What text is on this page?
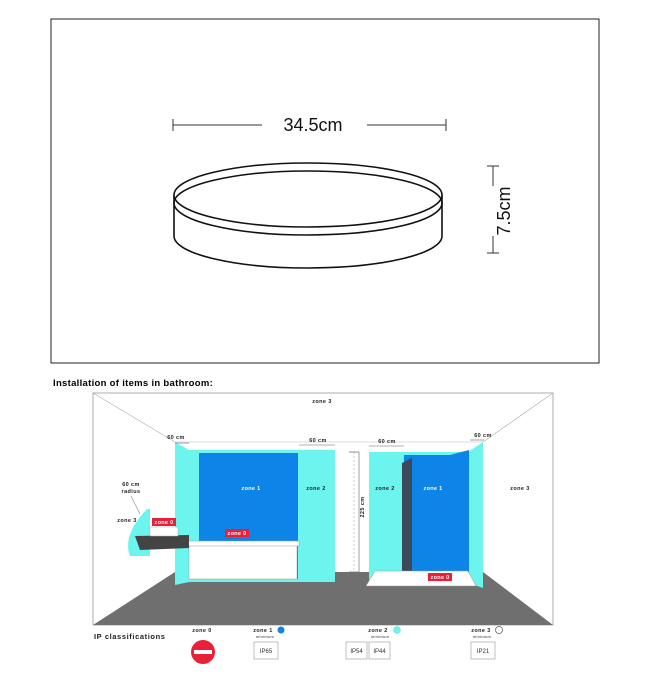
34.5cm
7.5cm
Installation of items in bathroom:
zone 3
zone 3
zone 3
zone 2	zone 2
zone 1	zone 1
zone 0
zone 0
zone 0
60 cm	60 cm	60 cm
60 cm
60 cm
radius
225 cm
IP classifications
zone 0	zone 1
minimum
IP65
zone 2
minimum
IP54 IP44
zone 3
minimum
IP21
